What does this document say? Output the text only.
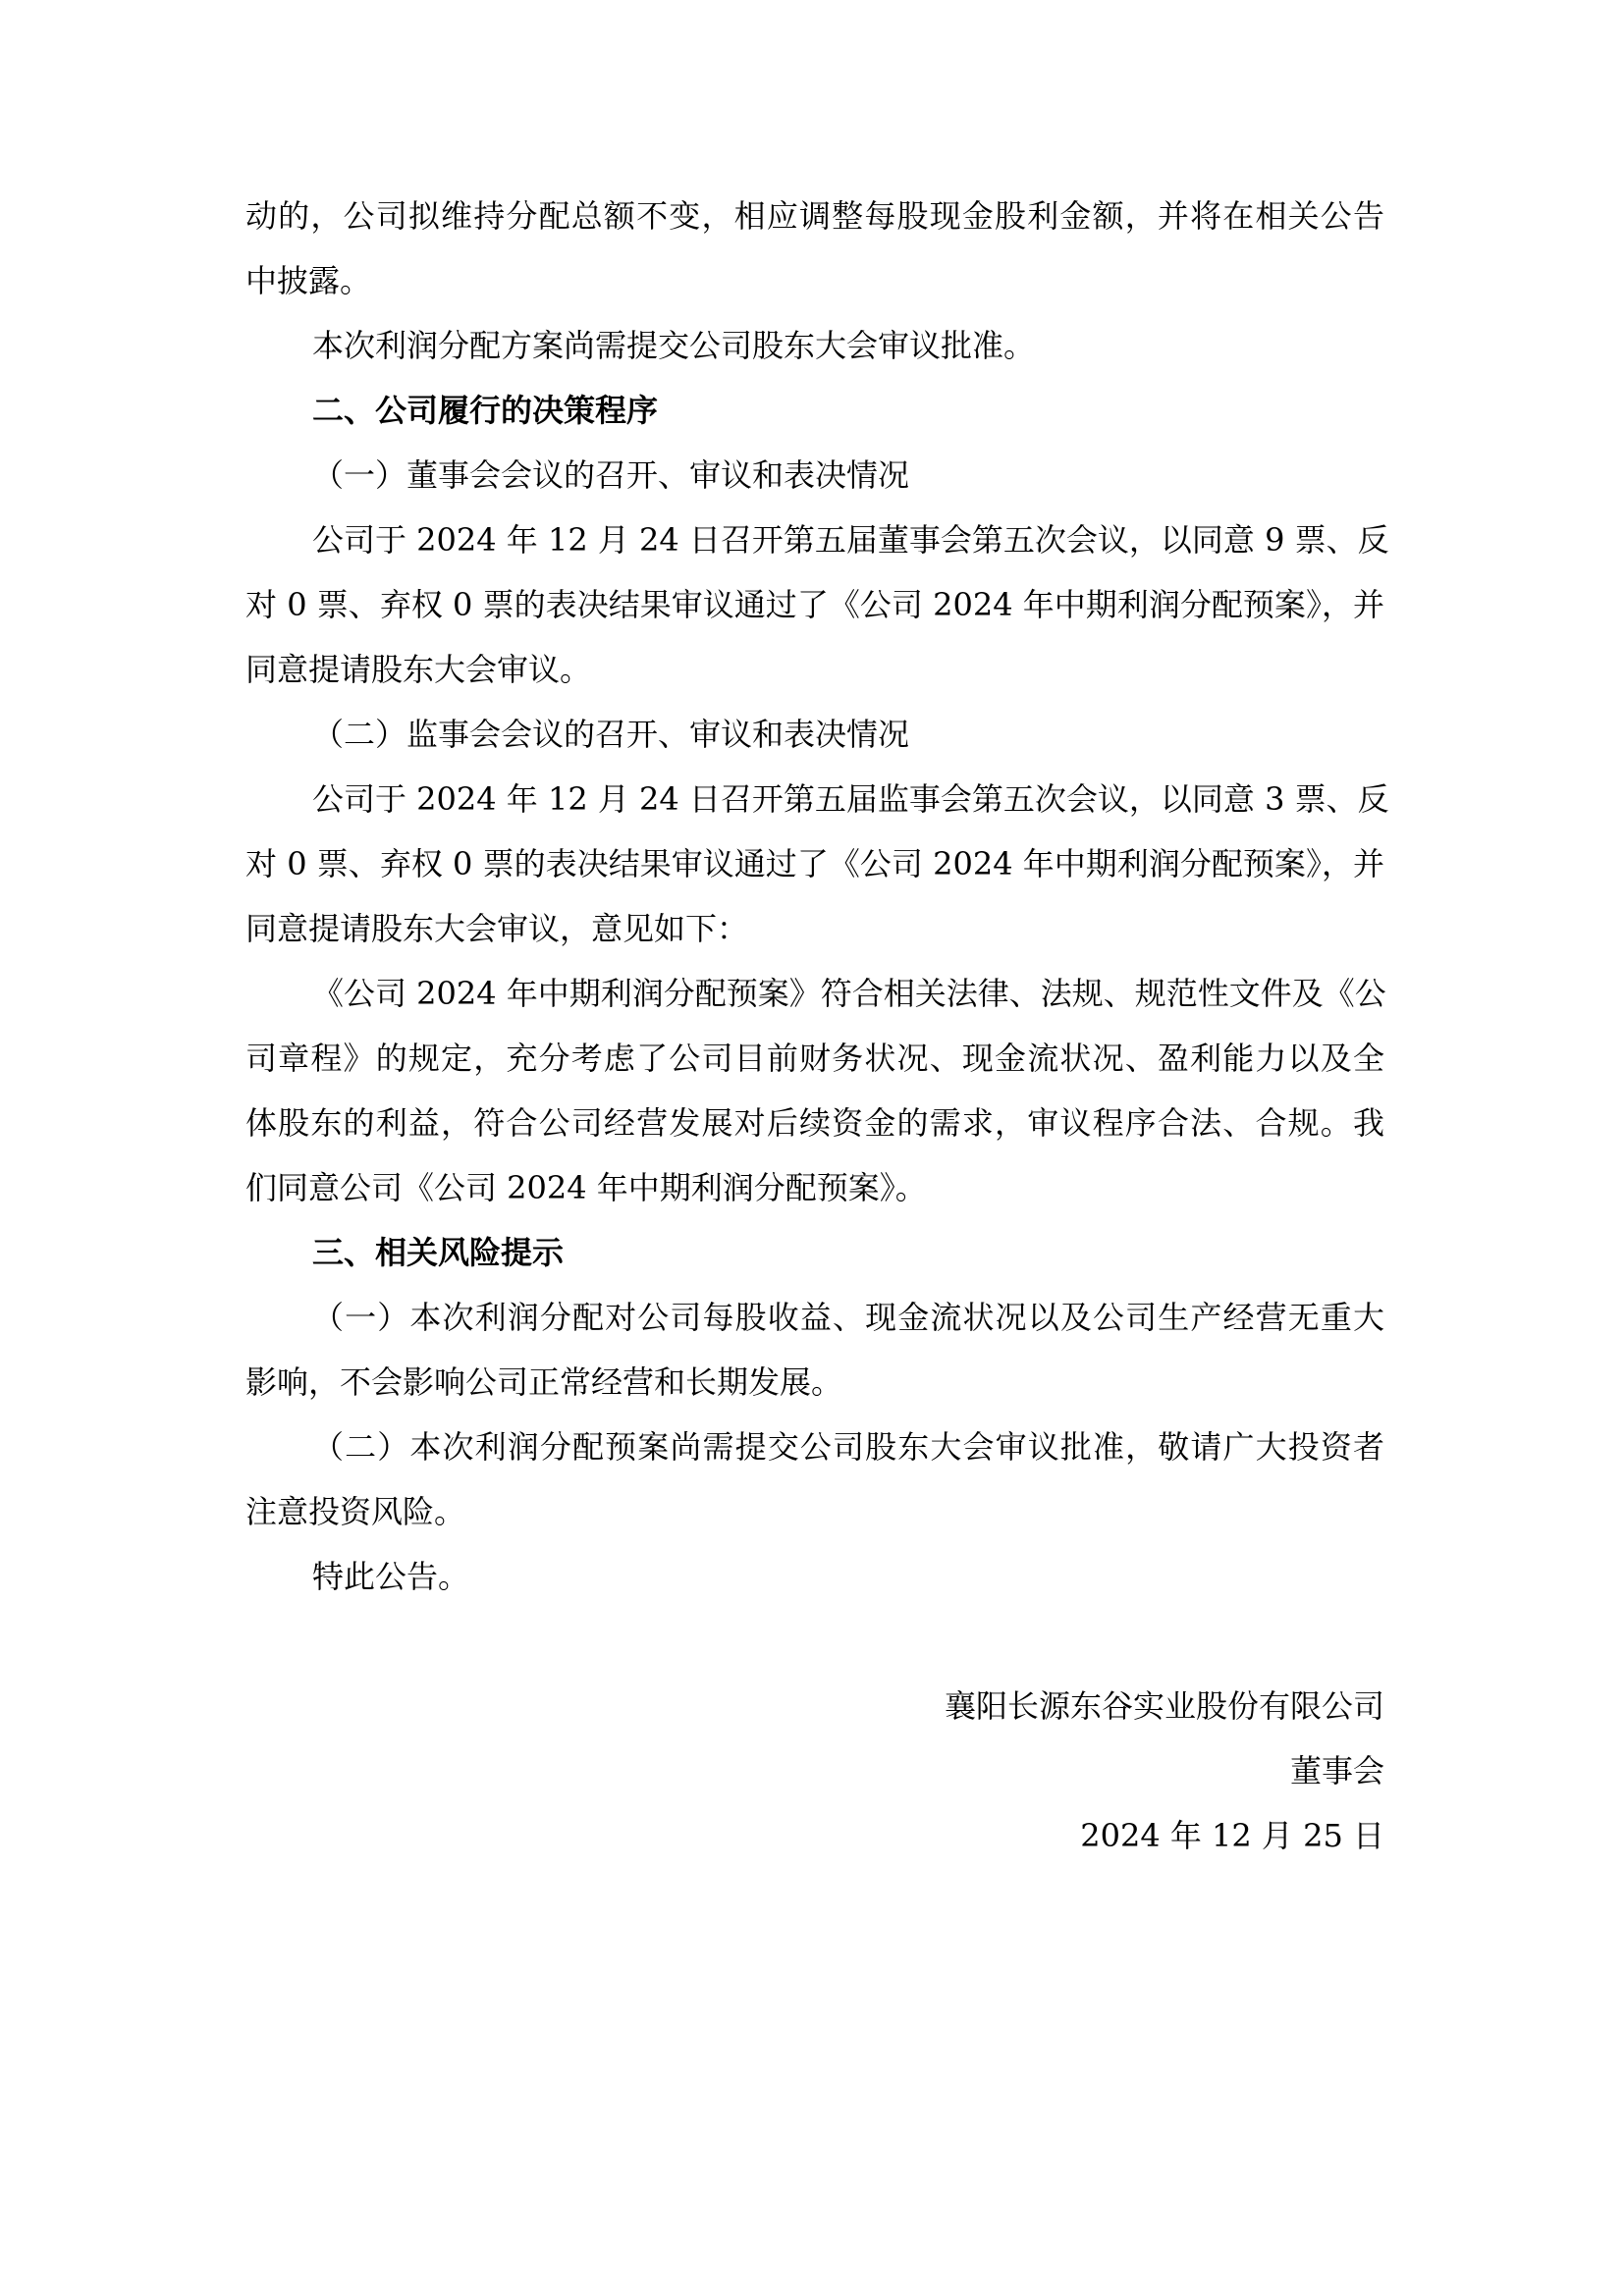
动的，公司拟维持分配总额不变，相应调整每股现金股利金额，并将在相关公告
中披露。
本次利润分配方案尚需提交公司股东大会审议批准。
二、公司履行的决策程序
（一）董事会会议的召开、审议和表决情况
公司于 2024 年 12 月 24 日召开第五届董事会第五次会议，以同意 9 票、反
对 0 票、弃权 0 票的表决结果审议通过了《公司 2024 年中期利润分配预案》，并
同意提请股东大会审议。
（二）监事会会议的召开、审议和表决情况
公司于 2024 年 12 月 24 日召开第五届监事会第五次会议，以同意 3 票、反
对 0 票、弃权 0 票的表决结果审议通过了《公司 2024 年中期利润分配预案》，并
同意提请股东大会审议，意见如下：
《公司 2024 年中期利润分配预案》符合相关法律、法规、规范性文件及《公
司章程》的规定，充分考虑了公司目前财务状况、现金流状况、盈利能力以及全
体股东的利益，符合公司经营发展对后续资金的需求，审议程序合法、合规。我
们同意公司《公司 2024 年中期利润分配预案》。
三、相关风险提示
（一）本次利润分配对公司每股收益、现金流状况以及公司生产经营无重大
影响，不会影响公司正常经营和长期发展。
（二）本次利润分配预案尚需提交公司股东大会审议批准，敬请广大投资者
注意投资风险。
特此公告。
襄阳长源东谷实业股份有限公司
董事会
2024 年 12 月 25 日
